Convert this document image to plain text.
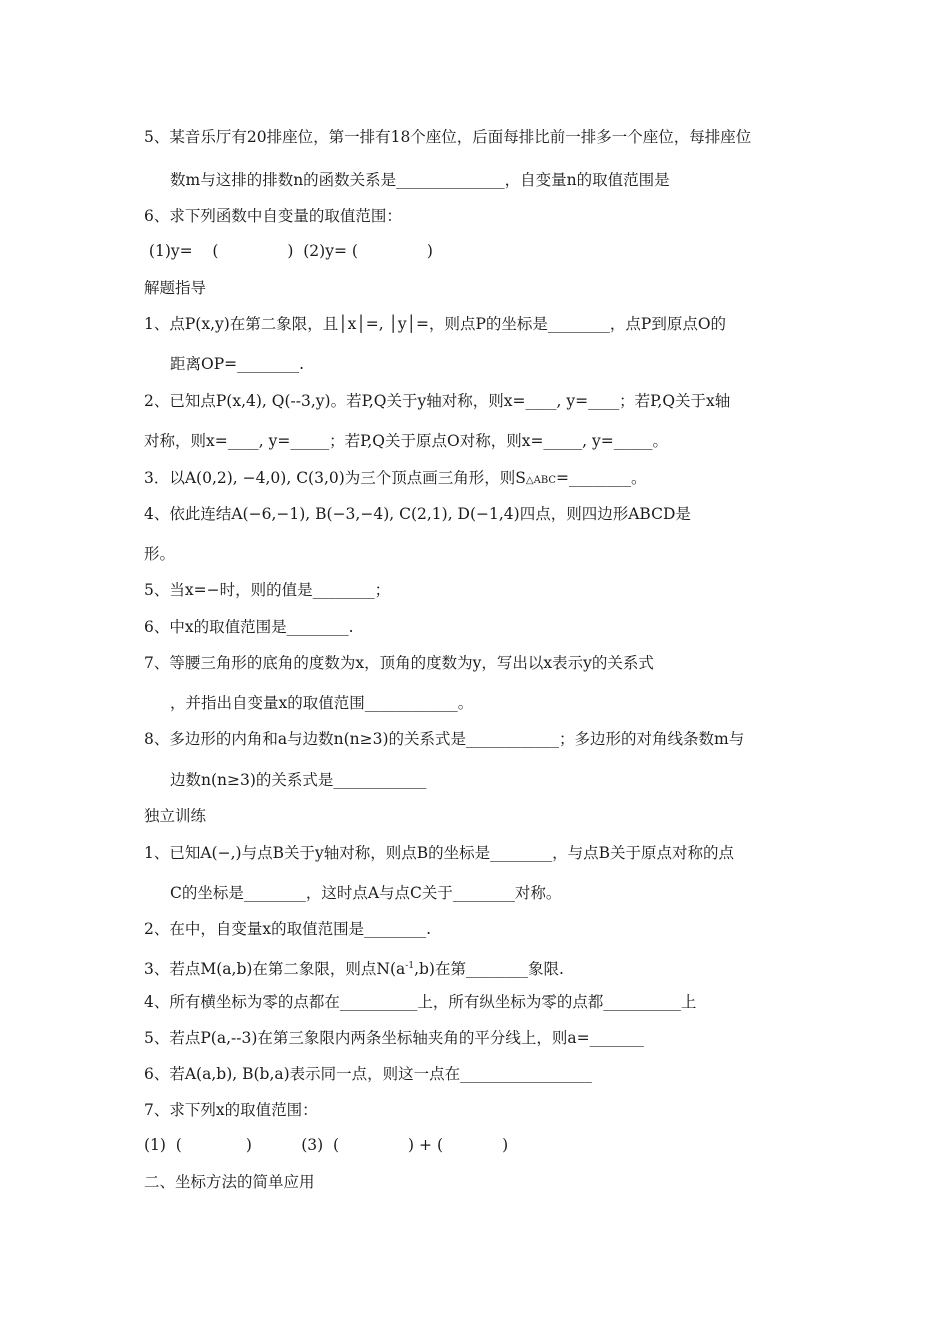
5、某音乐厅有20排座位，第一排有18个座位，后面每排比前一排多一个座位，每排座位
数m与这排的排数n的函数关系是______________，自变量n的取值范围是
6、求下列函数中自变量的取值范围：
(1)y=    (              )  (2)y= (              )
解题指导
1、点P(x,y)在第二象限，且│x│=, │y│=，则点P的坐标是________，点P到原点O的
距离OP=________.
2、已知点P(x,4), Q(--3,y)。若P,Q关于y轴对称，则x=____, y=____；若P,Q关于x轴
对称，则x=____, y=_____；若P,Q关于原点O对称，则x=_____, y=_____。
3．以A(0,2), −4,0), C(3,0)为三个顶点画三角形，则S△ABC=________。
4、依此连结A(−6,−1), B(−3,−4), C(2,1), D(−1,4)四点，则四边形ABCD是
形。
5、当x=−时，则的值是________；
6、中x的取值范围是________.
7、等腰三角形的底角的度数为x，顶角的度数为y，写出以x表示y的关系式
，并指出自变量x的取值范围____________。
8、多边形的内角和a与边数n(n≥3)的关系式是____________；多边形的对角线条数m与
边数n(n≥3)的关系式是____________
独立训练
1、已知A(−,)与点B关于y轴对称，则点B的坐标是________，与点B关于原点对称的点
C的坐标是________，这时点A与点C关于________对称。
2、在中，自变量x的取值范围是________.
3、若点M(a,b)在第二象限，则点$N(a^{-1},b)$在第________象限.
4、所有横坐标为零的点都在__________上，所有纵坐标为零的点都__________上
5、若点P(a,--3)在第三象限内两条坐标轴夹角的平分线上，则a=_______
6、若A(a,b), B(b,a)表示同一点，则这一点在_________________
7、求下列x的取值范围：
(1)  (             )          (3)  (              ) + (            )
二、坐标方法的简单应用
